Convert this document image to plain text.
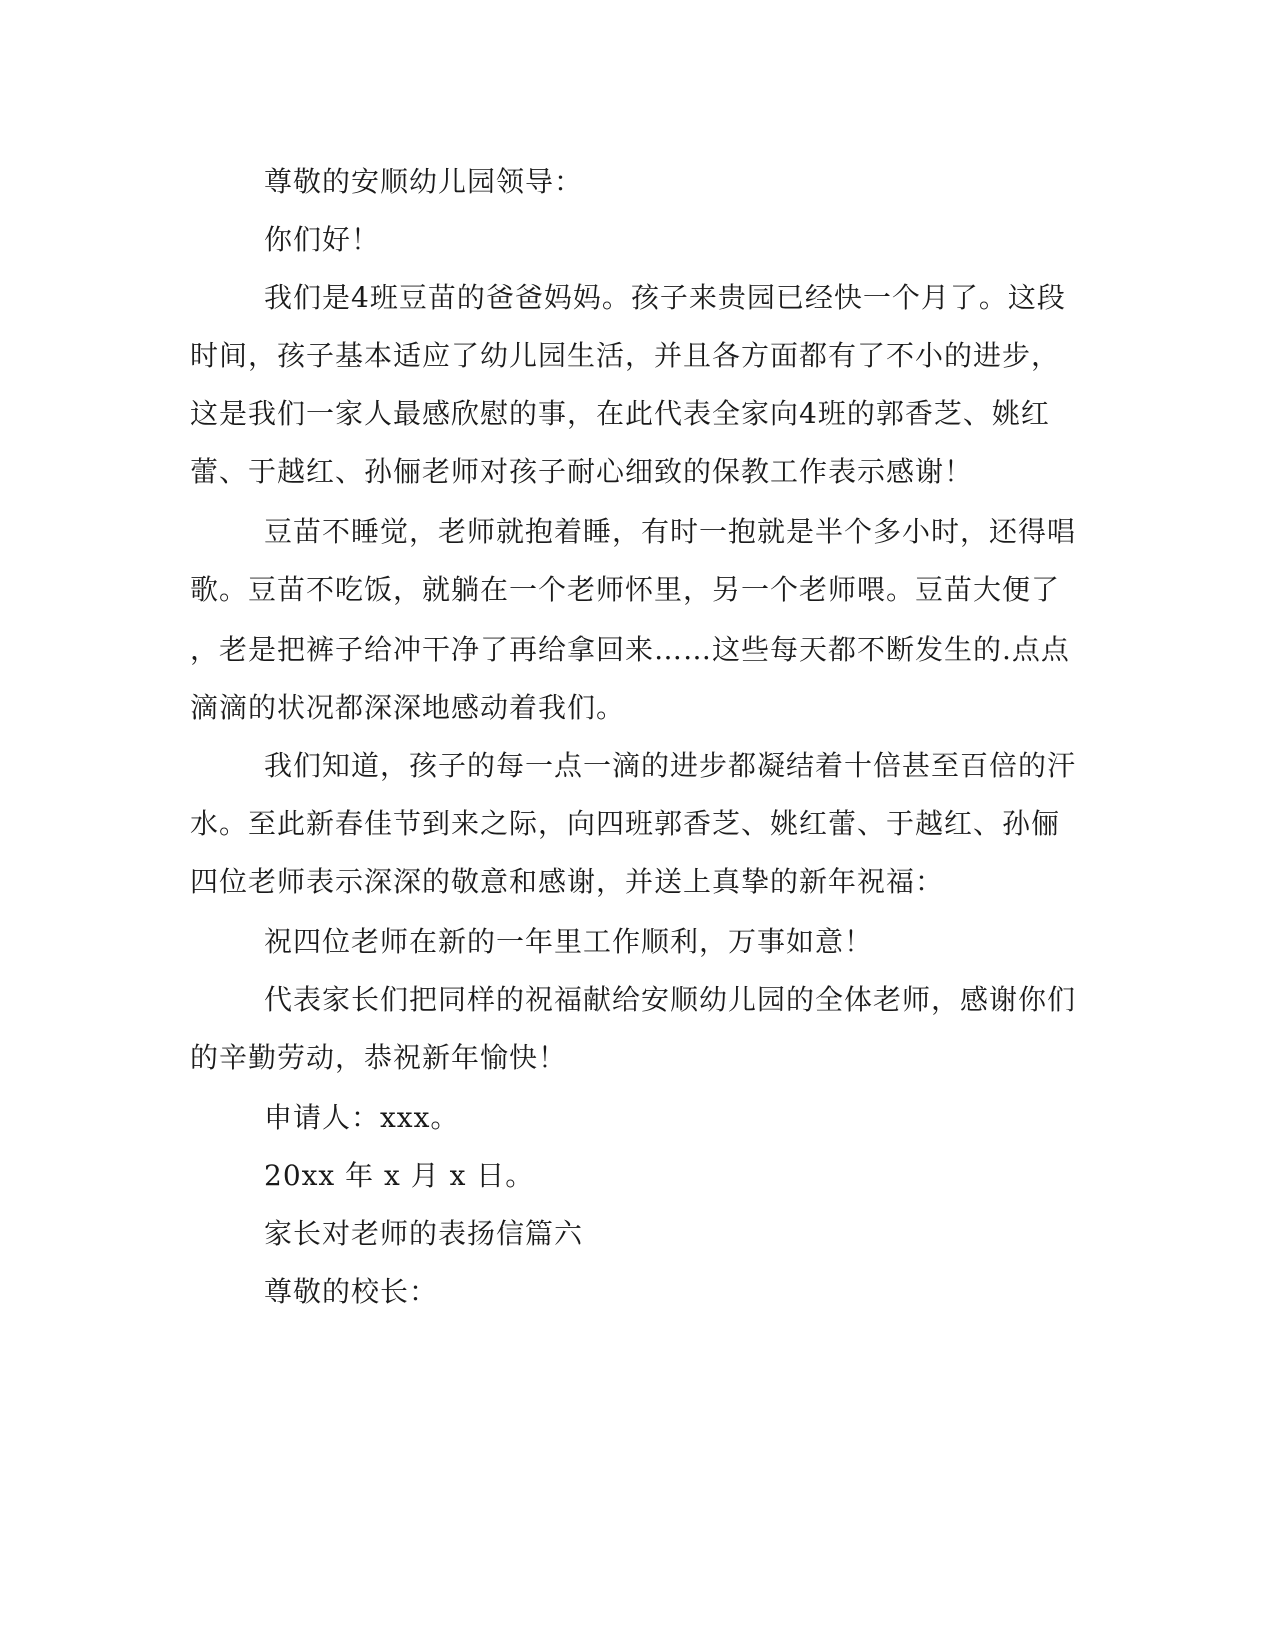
尊敬的安顺幼儿园领导：
你们好！
我们是4班豆苗的爸爸妈妈。孩子来贵园已经快一个月了。这段
时间，孩子基本适应了幼儿园生活，并且各方面都有了不小的进步，
这是我们一家人最感欣慰的事，在此代表全家向4班的郭香芝、姚红
蕾、于越红、孙俪老师对孩子耐心细致的保教工作表示感谢！
豆苗不睡觉，老师就抱着睡，有时一抱就是半个多小时，还得唱
歌。豆苗不吃饭，就躺在一个老师怀里，另一个老师喂。豆苗大便了
，老是把裤子给冲干净了再给拿回来……这些每天都不断发生的.点点
滴滴的状况都深深地感动着我们。
我们知道，孩子的每一点一滴的进步都凝结着十倍甚至百倍的汗
水。至此新春佳节到来之际，向四班郭香芝、姚红蕾、于越红、孙俪
四位老师表示深深的敬意和感谢，并送上真挚的新年祝福：
祝四位老师在新的一年里工作顺利，万事如意！
代表家长们把同样的祝福献给安顺幼儿园的全体老师，感谢你们
的辛勤劳动，恭祝新年愉快！
申请人：xxx。
20xx 年 x 月 x 日。
家长对老师的表扬信篇六
尊敬的校长：
